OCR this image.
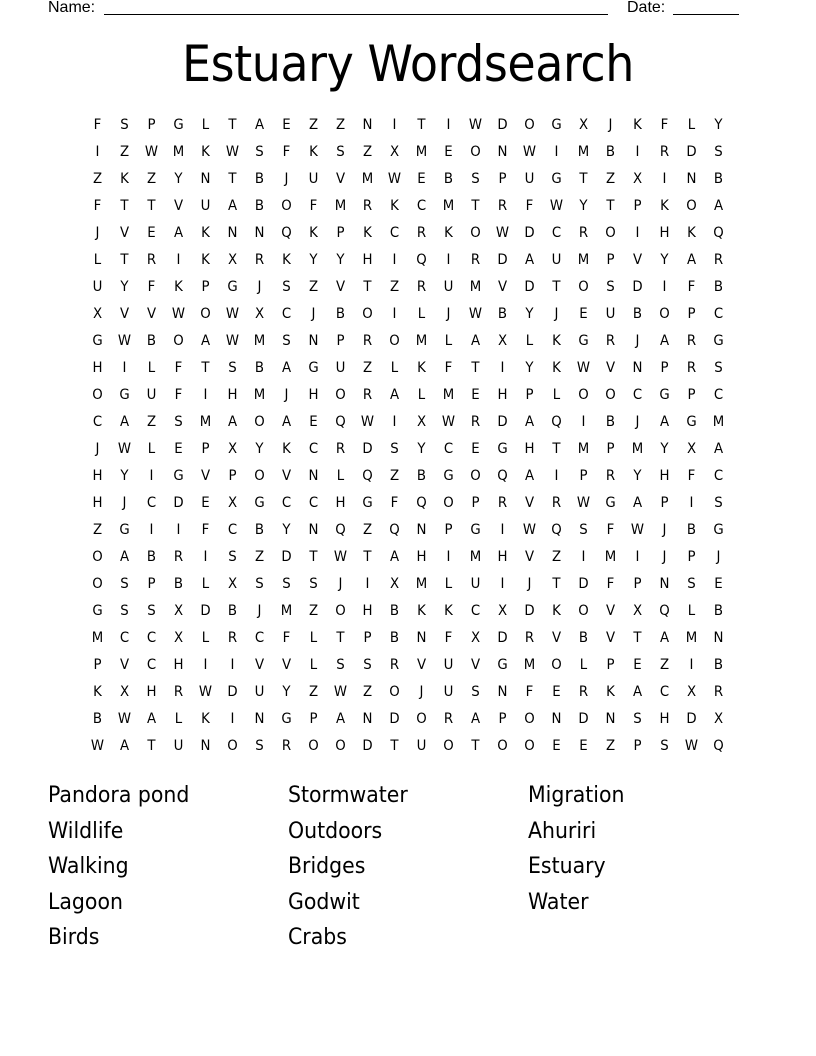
Name:	Date:
Estuary Wordsearch
F	S	P	G	L	T	A	E	Z	Z	N	I	T	I	W	D	O	G	X	J	K	F	L	Y
I	Z	W	M	K	W	S	F	K	S	Z	X	M	E	O	N	W	I	M	B	I	R	D	S
Z	K	Z	Y	N	T	B	J	U	V	M	W	E	B	S	P	U	G	T	Z	X	I	N	B
F	T	T	V	U	A	B	O	F	M	R	K	C	M	T	R	F	W	Y	T	P	K	O	A
J	V	E	A	K	N	N	Q	K	P	K	C	R	K	O	W	D	C	R	O	I	H	K	Q
L	T	R	I	K	X	R	K	Y	Y	H	I	Q	I	R	D	A	U	M	P	V	Y	A	R
U	Y	F	K	P	G	J	S	Z	V	T	Z	R	U	M	V	D	T	O	S	D	I	F	B
X	V	V	W	O	W	X	C	J	B	O	I	L	J	W	B	Y	J	E	U	B	O	P	C
G	W	B	O	A	W	M	S	N	P	R	O	M	L	A	X	L	K	G	R	J	A	R	G
H	I	L	F	T	S	B	A	G	U	Z	L	K	F	T	I	Y	K	W	V	N	P	R	S
O	G	U	F	I	H	M	J	H	O	R	A	L	M	E	H	P	L	O	O	C	G	P	C
C	A	Z	S	M	A	O	A	E	Q	W	I	X	W	R	D	A	Q	I	B	J	A	G	M
J	W	L	E	P	X	Y	K	C	R	D	S	Y	C	E	G	H	T	M	P	M	Y	X	A
H	Y	I	G	V	P	O	V	N	L	Q	Z	B	G	O	Q	A	I	P	R	Y	H	F	C
H	J	C	D	E	X	G	C	C	H	G	F	Q	O	P	R	V	R	W	G	A	P	I	S
Z	G	I	I	F	C	B	Y	N	Q	Z	Q	N	P	G	I	W	Q	S	F	W	J	B	G
O	A	B	R	I	S	Z	D	T	W	T	A	H	I	M	H	V	Z	I	M	I	J	P	J
O	S	P	B	L	X	S	S	S	J	I	X	M	L	U	I	J	T	D	F	P	N	S	E
G	S	S	X	D	B	J	M	Z	O	H	B	K	K	C	X	D	K	O	V	X	Q	L	B
M	C	C	X	L	R	C	F	L	T	P	B	N	F	X	D	R	V	B	V	T	A	M	N
P	V	C	H	I	I	V	V	L	S	S	R	V	U	V	G	M	O	L	P	E	Z	I	B
K	X	H	R	W	D	U	Y	Z	W	Z	O	J	U	S	N	F	E	R	K	A	C	X	R
B	W	A	L	K	I	N	G	P	A	N	D	O	R	A	P	O	N	D	N	S	H	D	X
W	A	T	U	N	O	S	R	O	O	D	T	U	O	T	O	O	E	E	Z	P	S	W	Q
Pandora pond
Wildlife
Walking
Lagoon
Birds
Stormwater
Outdoors
Bridges
Godwit
Crabs
Migration
Ahuriri
Estuary
Water
